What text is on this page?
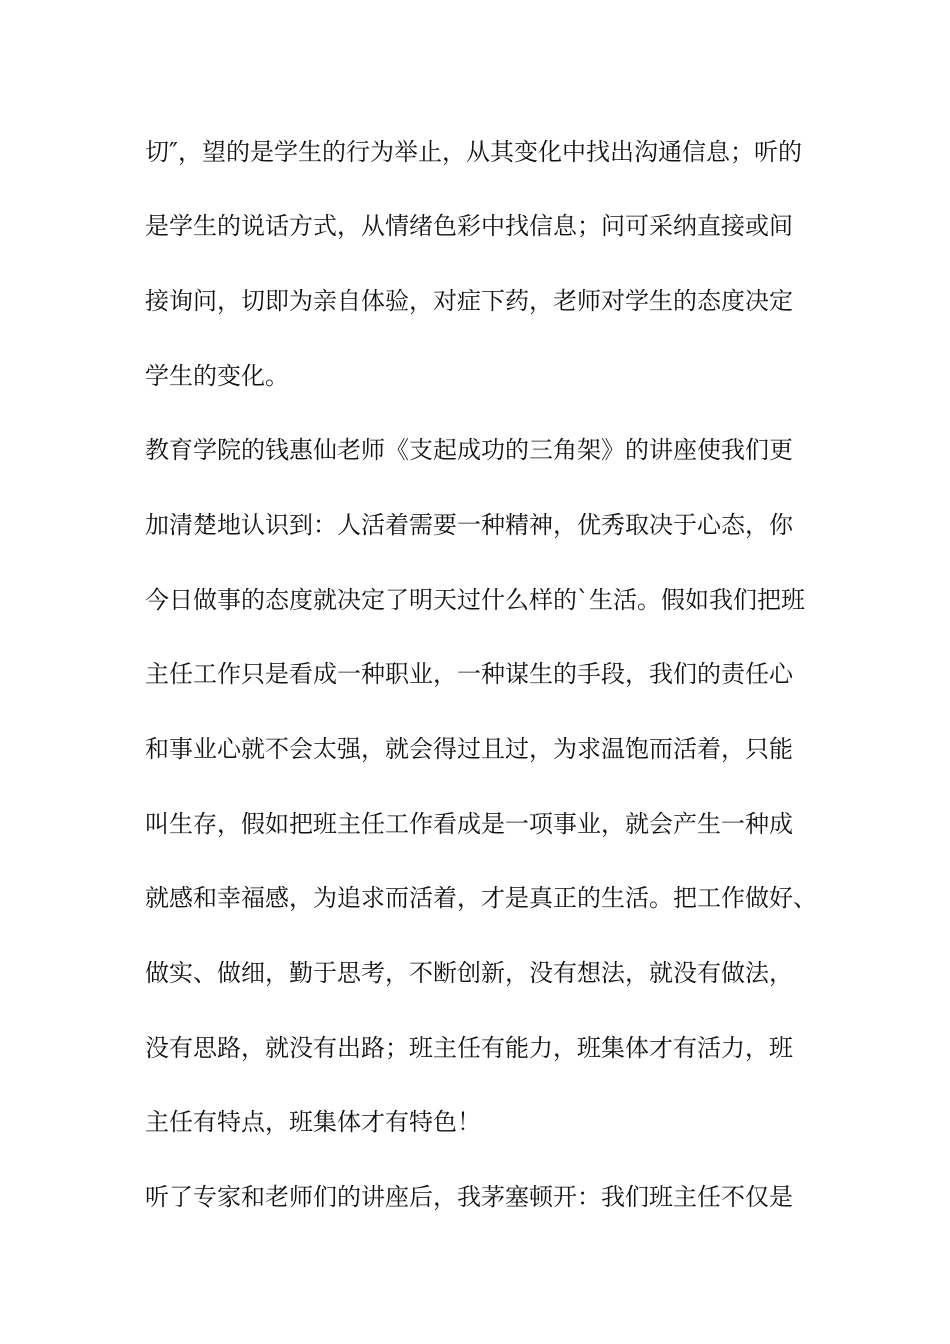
切″，望的是学生的行为举止，从其变化中找出沟通信息；听的

是学生的说话方式，从情绪色彩中找信息；问可采纳直接或间

接询问，切即为亲自体验，对症下药，老师对学生的态度决定

学生的变化。

教育学院的钱惠仙老师《支起成功的三角架》的讲座使我们更

加清楚地认识到：人活着需要一种精神，优秀取决于心态，你

今日做事的态度就决定了明天过什么样的`生活。假如我们把班

主任工作只是看成一种职业，一种谋生的手段，我们的责任心

和事业心就不会太强，就会得过且过，为求温饱而活着，只能

叫生存，假如把班主任工作看成是一项事业，就会产生一种成

就感和幸福感，为追求而活着，才是真正的生活。把工作做好、

做实、做细，勤于思考，不断创新，没有想法，就没有做法，

没有思路，就没有出路；班主任有能力，班集体才有活力，班

主任有特点，班集体才有特色！

听了专家和老师们的讲座后，我茅塞顿开：我们班主任不仅是
